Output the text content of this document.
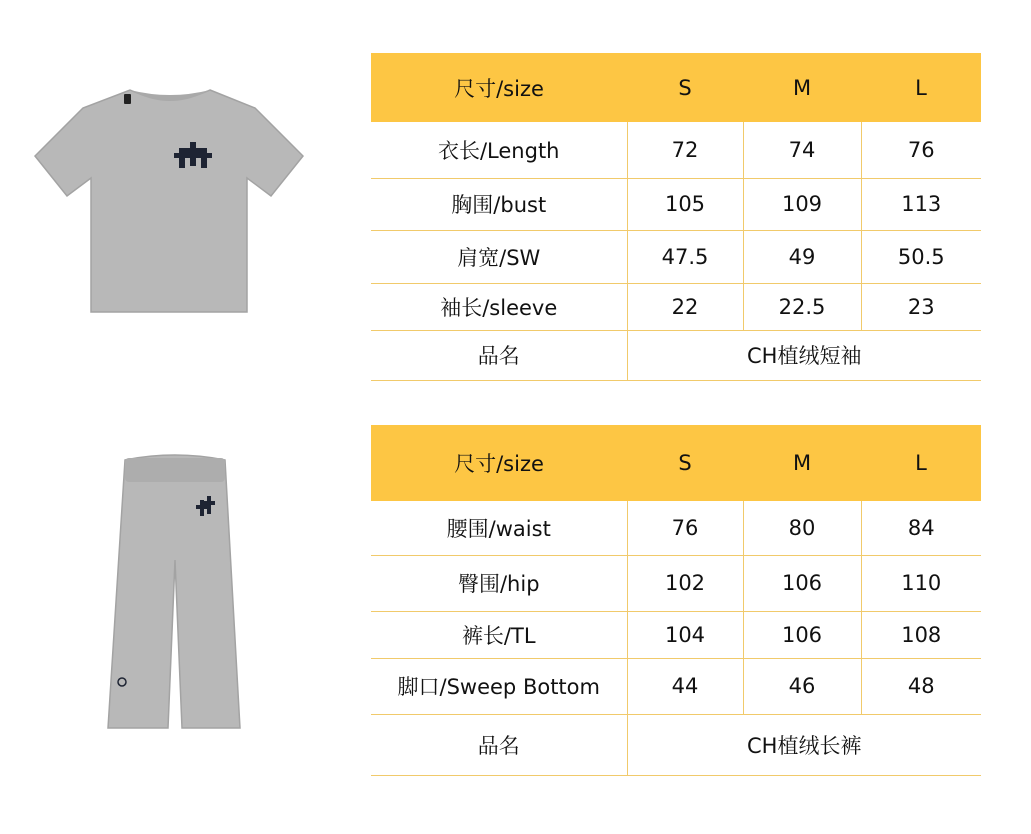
尺寸/size	S	M	L
衣长/Length	72	74	76
胸围/bust	105	109	113
肩宽/SW	47.5	49	50.5
袖长/sleeve	22	22.5	23
品名	CH植绒短袖		
尺寸/size	S	M	L
腰围/waist	76	80	84
臀围/hip	102	106	110
裤长/TL	104	106	108
脚口/Sweep Bottom	44	46	48
品名	CH植绒长裤		
